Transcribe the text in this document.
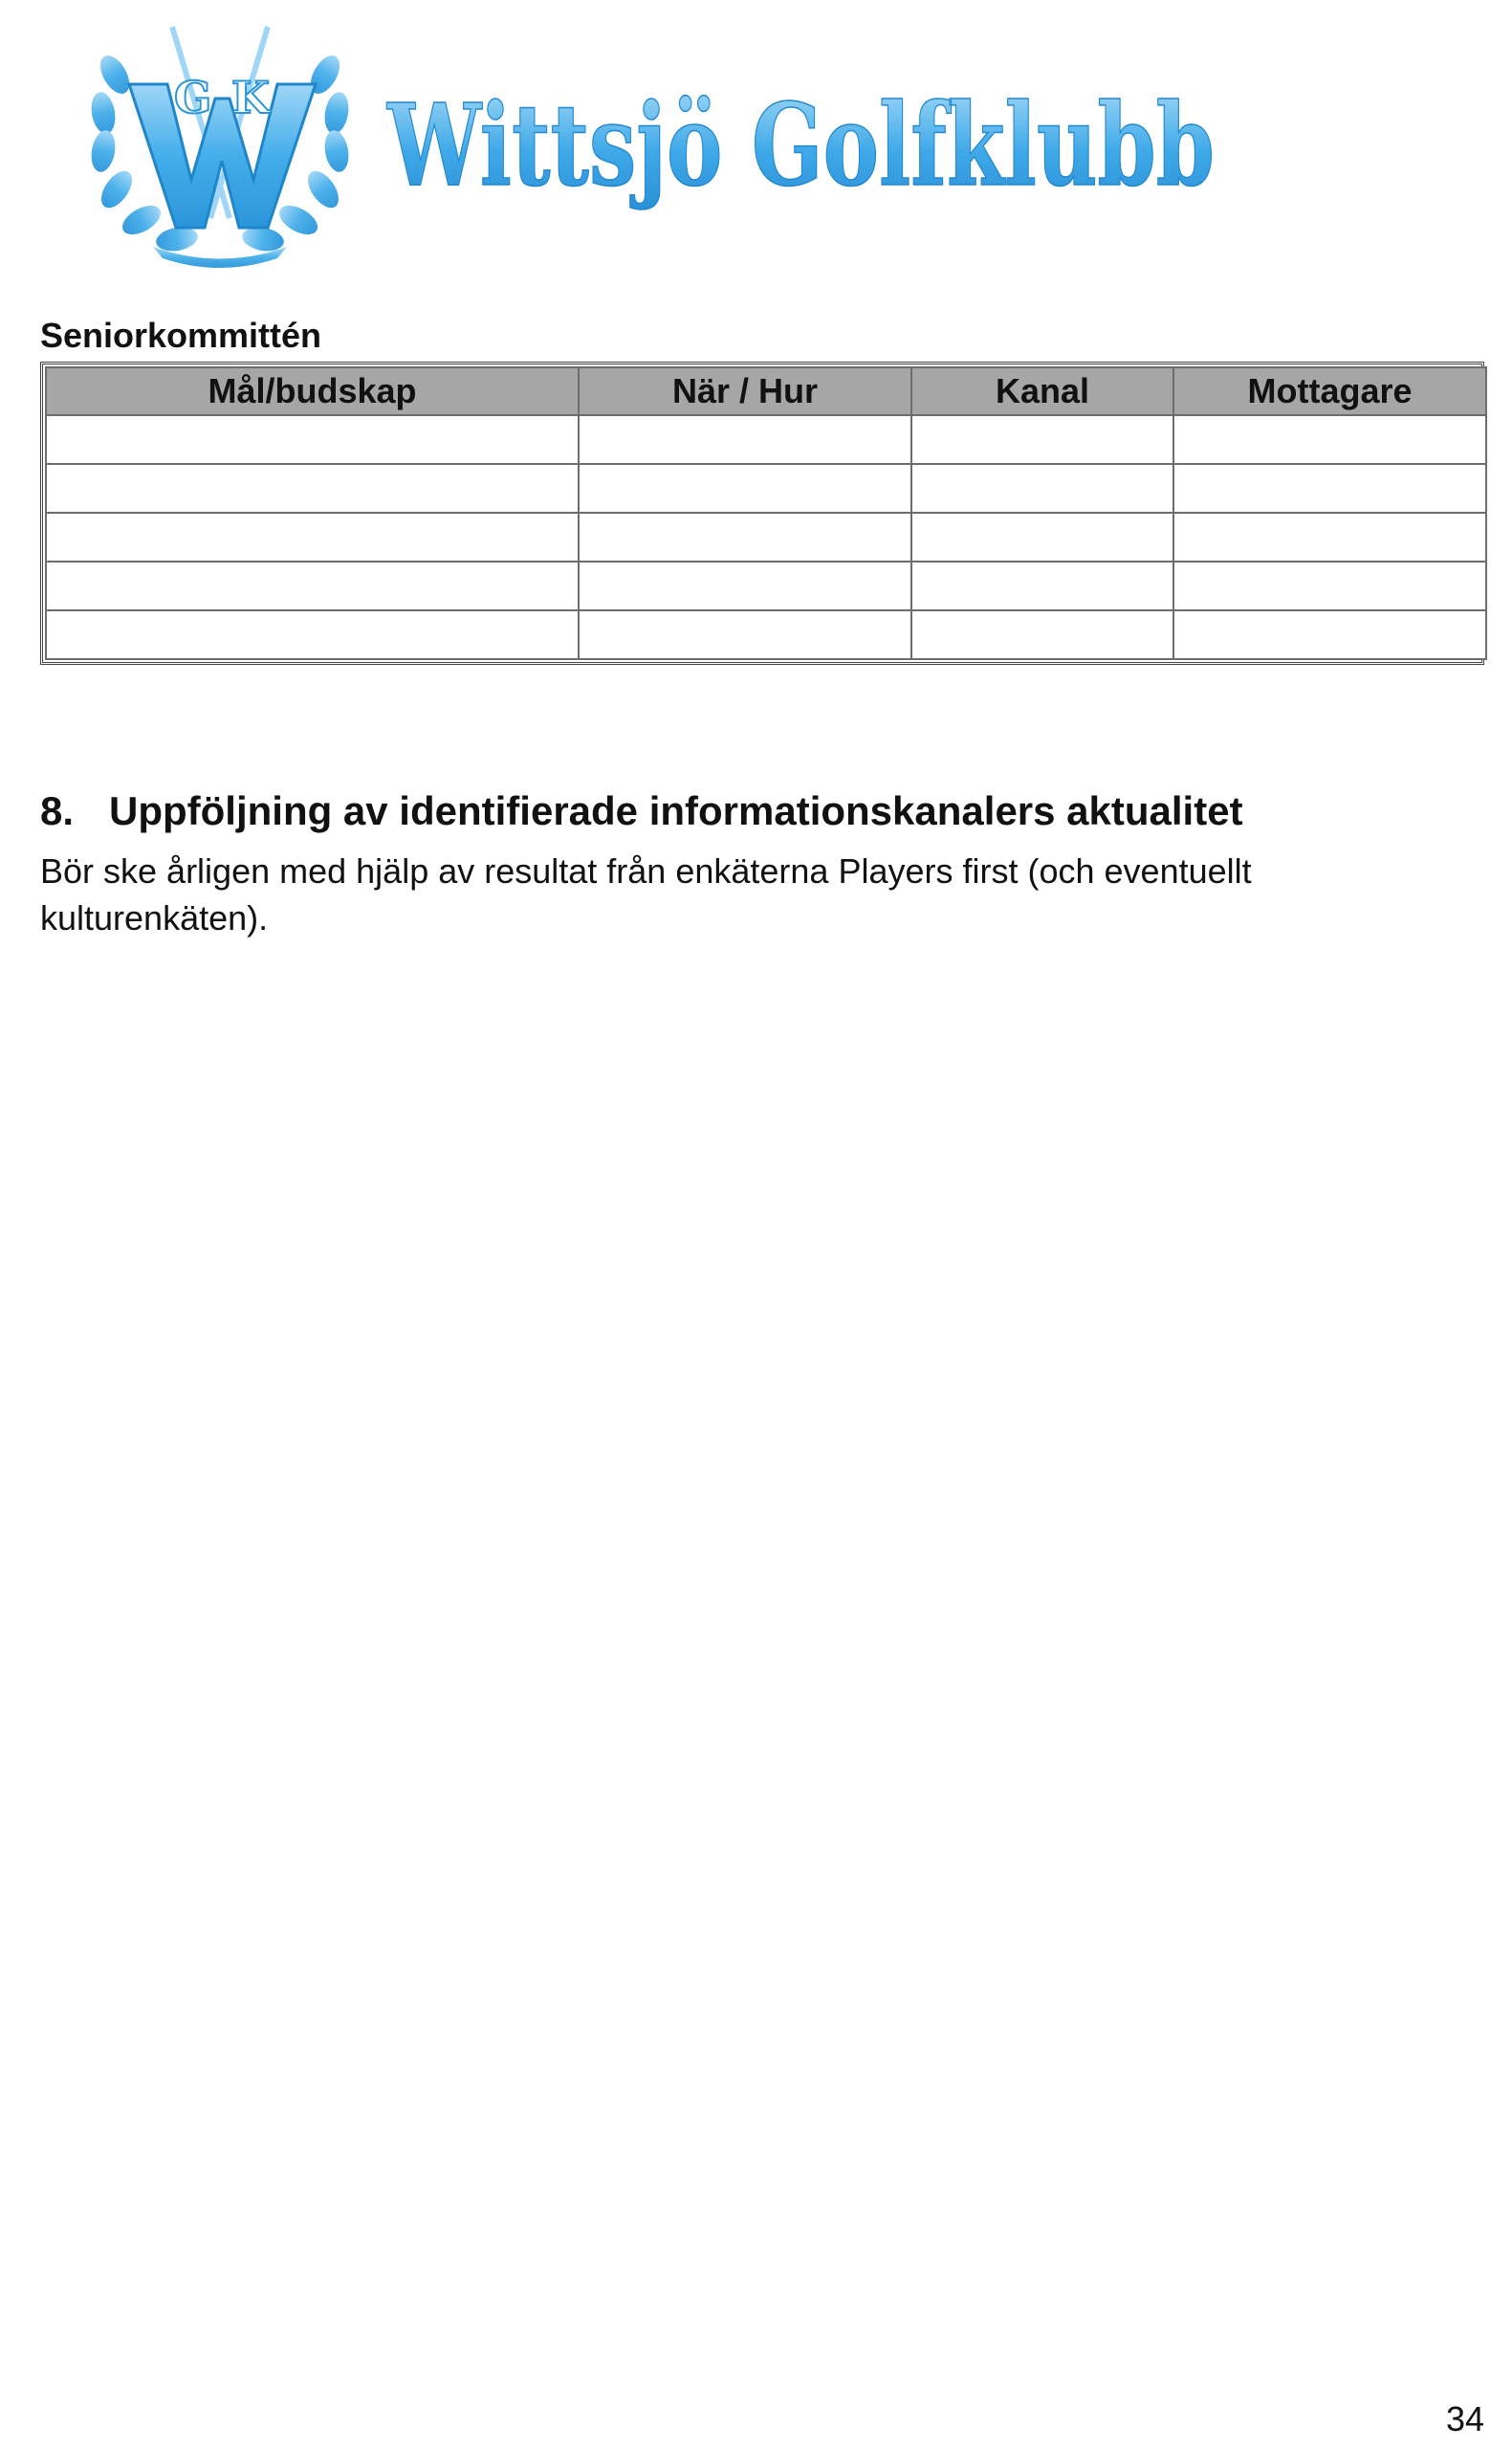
G K Wittsjö Golfklubb
Seniorkommittén
Mål/budskap	När / Hur	Kanal	Mottagare

8. Uppföljning av identifierade informationskanalers aktualitet
Bör ske årligen med hjälp av resultat från enkäterna Players first (och eventuellt kulturenkäten).
34
